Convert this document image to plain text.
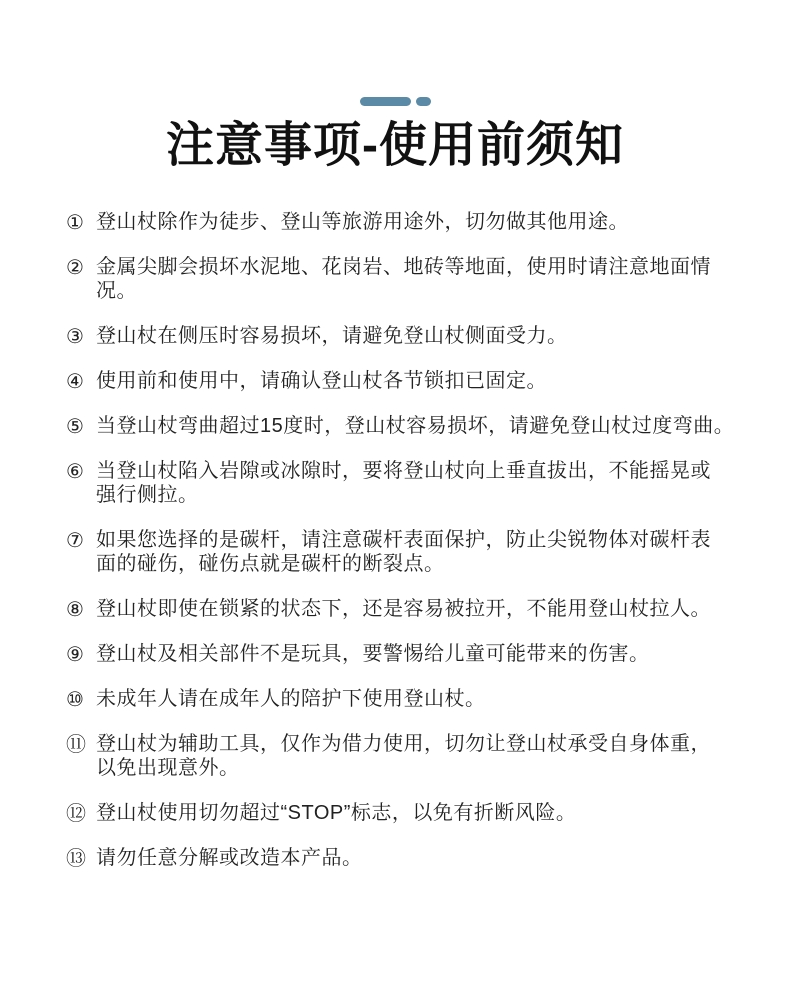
注意事项-使用前须知
① 登山杖除作为徒步、登山等旅游用途外，切勿做其他用途。
② 金属尖脚会损坏水泥地、花岗岩、地砖等地面，使用时请注意地面情
况。
③ 登山杖在侧压时容易损坏，请避免登山杖侧面受力。
④ 使用前和使用中，请确认登山杖各节锁扣已固定。
⑤ 当登山杖弯曲超过15度时，登山杖容易损坏，请避免登山杖过度弯曲。
⑥ 当登山杖陷入岩隙或冰隙时，要将登山杖向上垂直拔出，不能摇晃或
强行侧拉。
⑦ 如果您选择的是碳杆，请注意碳杆表面保护，防止尖锐物体对碳杆表
面的碰伤，碰伤点就是碳杆的断裂点。
⑧ 登山杖即使在锁紧的状态下，还是容易被拉开，不能用登山杖拉人。
⑨ 登山杖及相关部件不是玩具，要警惕给儿童可能带来的伤害。
⑩ 未成年人请在成年人的陪护下使用登山杖。
⑪ 登山杖为辅助工具，仅作为借力使用，切勿让登山杖承受自身体重，
以免出现意外。
⑫ 登山杖使用切勿超过“STOP”标志，以免有折断风险。
⑬ 请勿任意分解或改造本产品。
